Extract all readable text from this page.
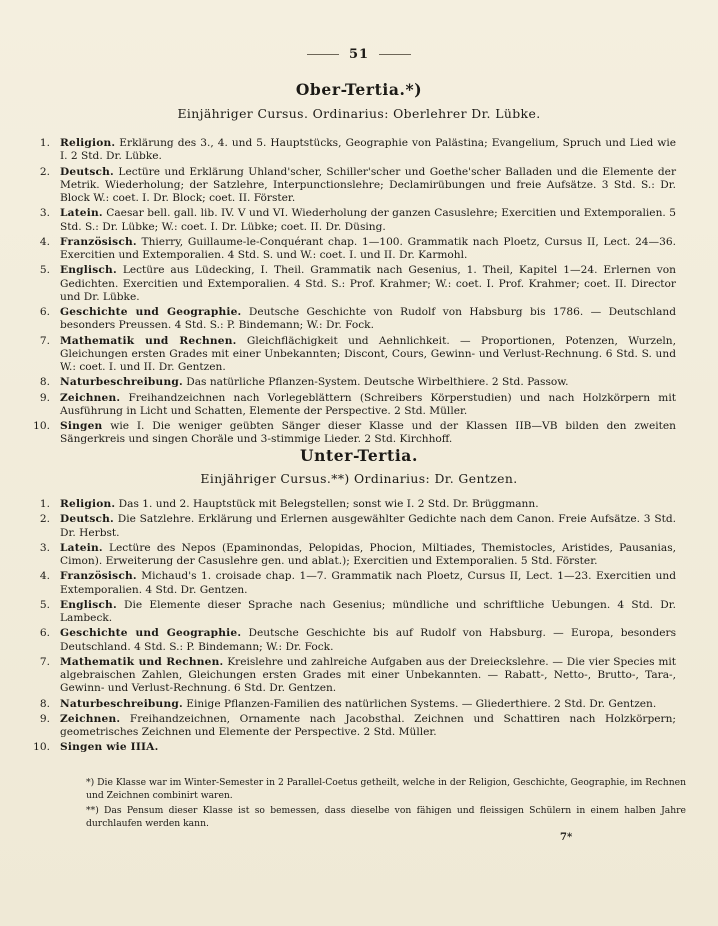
51
Ober-Tertia.*)
Einjähriger Cursus. Ordinarius: Oberlehrer Dr. Lübke.
1. Religion. Erklärung des 3., 4. und 5. Hauptstücks, Geographie von Palästina; Evangelium, Spruch und Lied wie I. 2 Std. Dr. Lübke.
2. Deutsch. Lectüre und Erklärung Uhland'scher, Schiller'scher und Goethe'scher Balladen und die Elemente der Metrik. Wiederholung; der Satzlehre, Interpunctionslehre; Declamirübungen und freie Aufsätze. 3 Std. S.: Dr. Block W.: coet. I. Dr. Block; coet. II. Förster.
3. Latein. Caesar bell. gall. lib. IV. V und VI. Wiederholung der ganzen Casuslehre; Exercitien und Extemporalien. 5 Std. S.: Dr. Lübke; W.: coet. I. Dr. Lübke; coet. II. Dr. Düsing.
4. Französisch. Thierry, Guillaume-le-Conquérant chap. 1—100. Grammatik nach Ploetz, Cursus II, Lect. 24—36. Exercitien und Extemporalien. 4 Std. S. und W.: coet. I. und II. Dr. Karmohl.
5. Englisch. Lectüre aus Lüdecking, I. Theil. Grammatik nach Gesenius, 1. Theil, Kapitel 1—24. Erlernen von Gedichten. Exercitien und Extemporalien. 4 Std. S.: Prof. Krahmer; W.: coet. I. Prof. Krahmer; coet. II. Director und Dr. Lübke.
6. Geschichte und Geographie. Deutsche Geschichte von Rudolf von Habsburg bis 1786. — Deutschland besonders Preussen. 4 Std. S.: P. Bindemann; W.: Dr. Fock.
7. Mathematik und Rechnen. Gleichflächigkeit und Aehnlichkeit. — Proportionen, Potenzen, Wurzeln, Gleichungen ersten Grades mit einer Unbekannten; Discont, Cours, Gewinn- und Verlust-Rechnung. 6 Std. S. und W.: coet. I. und II. Dr. Gentzen.
8. Naturbeschreibung. Das natürliche Pflanzen-System. Deutsche Wirbelthiere. 2 Std. Passow.
9. Zeichnen. Freihandzeichnen nach Vorlegeblättern (Schreibers Körperstudien) und nach Holzkörpern mit Ausführung in Licht und Schatten, Elemente der Perspective. 2 Std. Müller.
10. Singen wie I. Die weniger geübten Sänger dieser Klasse und der Klassen IIB—VB bilden den zweiten Sängerkreis und singen Choräle und 3-stimmige Lieder. 2 Std. Kirchhoff.
Unter-Tertia.
Einjähriger Cursus.**) Ordinarius: Dr. Gentzen.
1. Religion. Das 1. und 2. Hauptstück mit Belegstellen; sonst wie I. 2 Std. Dr. Brüggmann.
2. Deutsch. Die Satzlehre. Erklärung und Erlernen ausgewählter Gedichte nach dem Canon. Freie Aufsätze. 3 Std. Dr. Herbst.
3. Latein. Lectüre des Nepos (Epaminondas, Pelopidas, Phocion, Miltiades, Themistocles, Aristides, Pausanias, Cimon). Erweiterung der Casuslehre gen. und ablat.); Exercitien und Extemporalien. 5 Std. Förster.
4. Französisch. Michaud's 1. croisade chap. 1—7. Grammatik nach Ploetz, Cursus II, Lect. 1—23. Exercitien und Extemporalien. 4 Std. Dr. Gentzen.
5. Englisch. Die Elemente dieser Sprache nach Gesenius; mündliche und schriftliche Uebungen. 4 Std. Dr. Lambeck.
6. Geschichte und Geographie. Deutsche Geschichte bis auf Rudolf von Habsburg. — Europa, besonders Deutschland. 4 Std. S.: P. Bindemann; W.: Dr. Fock.
7. Mathematik und Rechnen. Kreislehre und zahlreiche Aufgaben aus der Dreieckslehre. — Die vier Species mit algebraischen Zahlen, Gleichungen ersten Grades mit einer Unbekannten. — Rabatt-, Netto-, Brutto-, Tara-, Gewinn- und Verlust-Rechnung. 6 Std. Dr. Gentzen.
8. Naturbeschreibung. Einige Pflanzen-Familien des natürlichen Systems. — Gliederthiere. 2 Std. Dr. Gentzen.
9. Zeichnen. Freihandzeichnen, Ornamente nach Jacobsthal. Zeichnen und Schattiren nach Holzkörpern; geometrisches Zeichnen und Elemente der Perspective. 2 Std. Müller.
10. Singen wie IIIA.
*) Die Klasse war im Winter-Semester in 2 Parallel-Coetus getheilt, welche in der Religion, Geschichte, Geographie, im Rechnen und Zeichnen combinirt waren.
**) Das Pensum dieser Klasse ist so bemessen, dass dieselbe von fähigen und fleissigen Schülern in einem halben Jahre durchlaufen werden kann.
7*
